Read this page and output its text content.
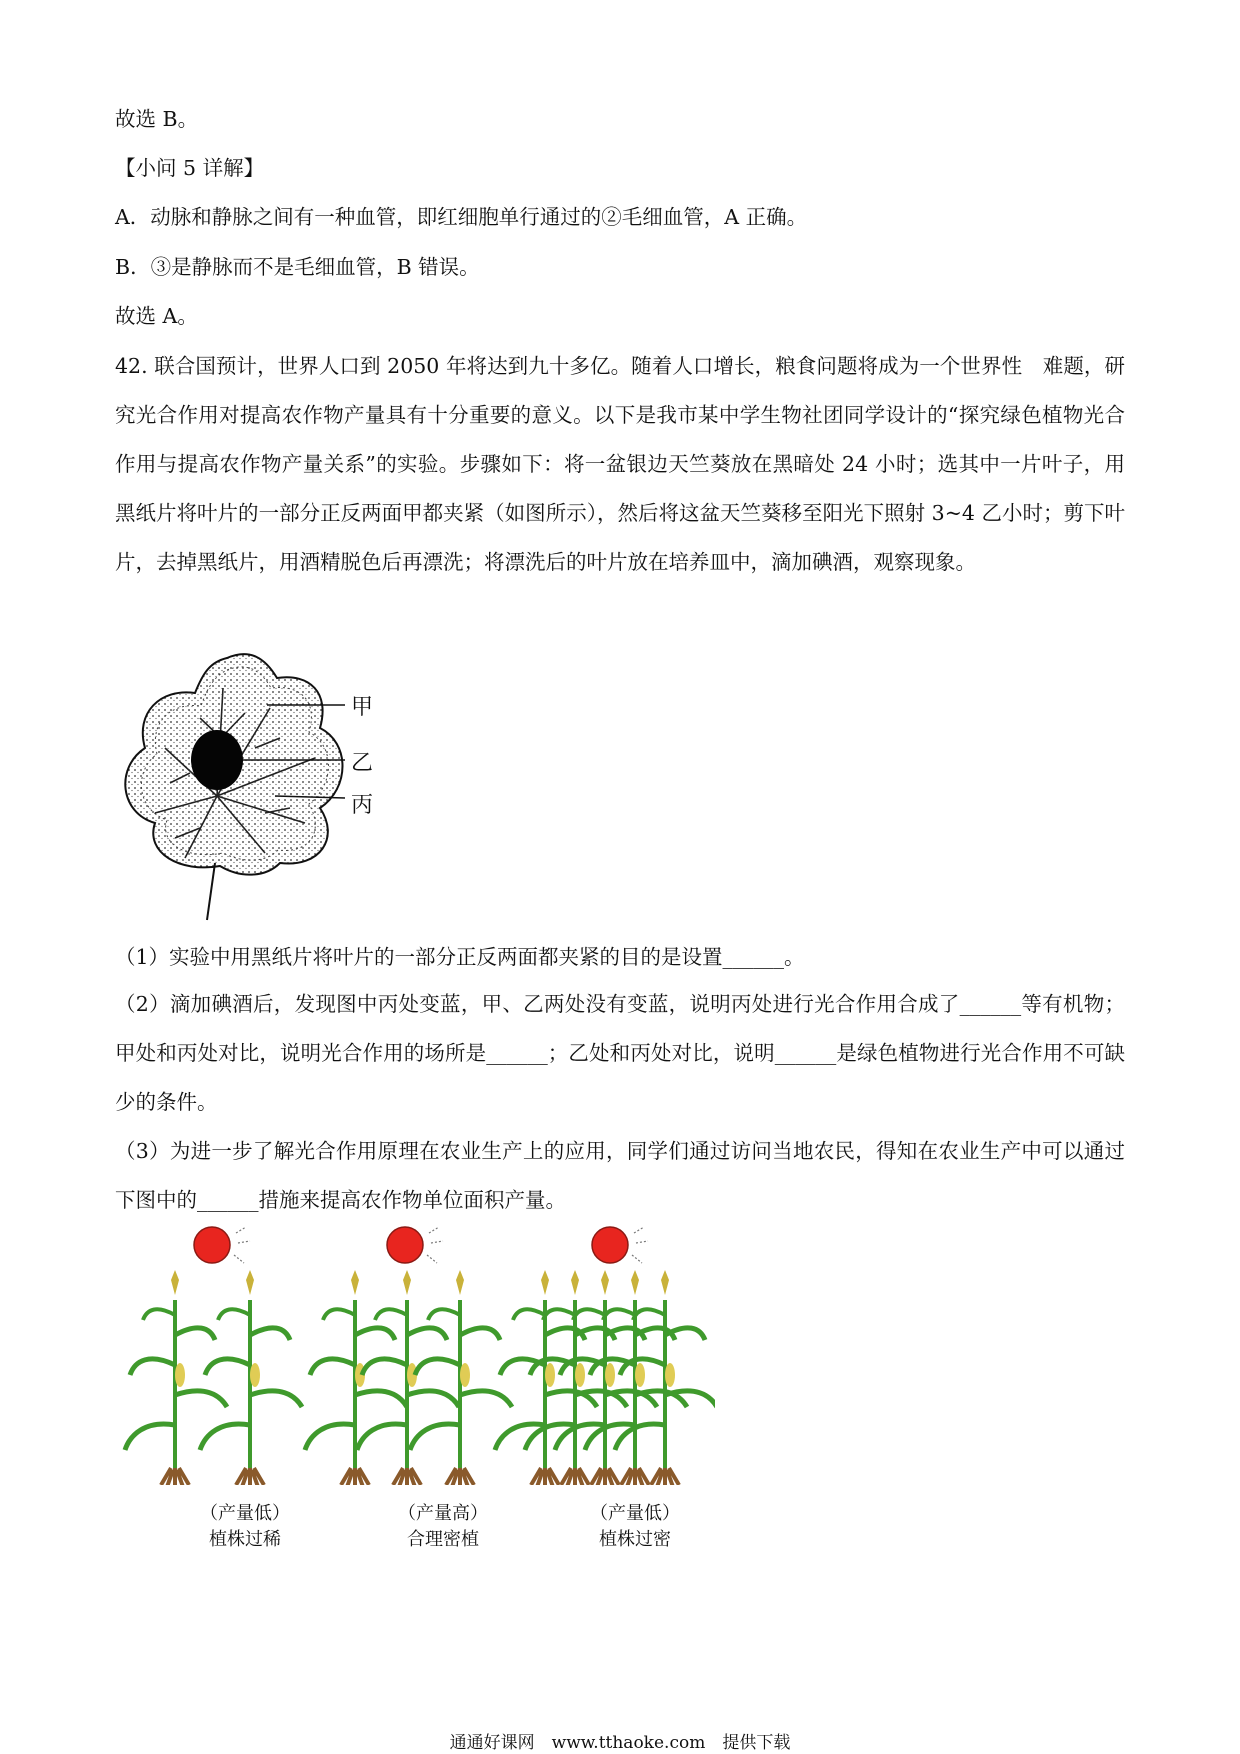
故选 B。
【小问 5 详解】
A．动脉和静脉之间有一种血管，即红细胞单行通过的②毛细血管，A 正确。
B．③是静脉而不是毛细血管，B 错误。
故选 A。
42. 联合国预计，世界人口到 2050 年将达到九十多亿。随着人口增长，粮食问题将成为一个世界性　难题，研究光合作用对提高农作物产量具有十分重要的意义。以下是我市某中学生物社团同学设计的“探究绿色植物光合作用与提高农作物产量关系”的实验。步骤如下：将一盆银边天竺葵放在黑暗处 24 小时；选其中一片叶子，用黑纸片将叶片的一部分正反两面甲都夹紧（如图所示），然后将这盆天竺葵移至阳光下照射 3~4 乙小时；剪下叶片，去掉黑纸片，用酒精脱色后再漂洗；将漂洗后的叶片放在培养皿中，滴加碘酒，观察现象。
甲
乙
丙
（1）实验中用黑纸片将叶片的一部分正反两面都夹紧的目的是设置______。
（2）滴加碘酒后，发现图中丙处变蓝，甲、乙两处没有变蓝，说明丙处进行光合作用合成了______等有机物；甲处和丙处对比，说明光合作用的场所是______；乙处和丙处对比，说明______是绿色植物进行光合作用不可缺少的条件。
（3）为进一步了解光合作用原理在农业生产上的应用，同学们通过访问当地农民，得知在农业生产中可以通过下图中的______措施来提高农作物单位面积产量。
（产量低）
植株过稀
（产量高）
合理密植
（产量低）
植株过密
通通好课网　www.tthaoke.com　提供下载
